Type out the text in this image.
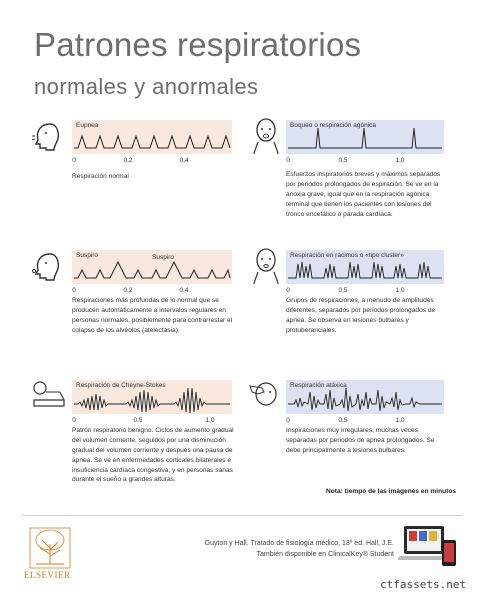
Patrones respiratorios
normales y anormales
Eupnea
0	0,2	0,4
Respiración normal
Boqueo o respiración agónica
0	0,5	1,0
Esfuerzos inspiratorios breves y máximos separados por periodos prolongados de espiración. Se ve en la anoxia grave, igual que en la respiración agónica terminal que tienen los pacientes con lesiones del tronco encefálico o parada cardíaca.
Suspiro	Suspiro
0	0,2	0,4
Respiraciones más profundas de lo normal que se producen automáticamente a intervalos regulares en personas normales, posiblemente para contrarrestar el colapso de los alvéolos (atelectasia).
Respiración en racimos o «tipo cluster»
0	0,5	1,0
Grupos de respiraciones, a menudo de amplitudes diferentes, separados por periodos prolongados de apnea. Se observa en lesiones bulbares y protuberanciales.
Respiración de Cheyne-Stokes
0	0,5	1,0
Patrón respiratorio benigno. Ciclos de aumento gradual del volumen corriente, seguidos por una disminución gradual del volumen corriente y después una pausa de apnea. Se ve en enfermedades corticales bilaterales e insuficiencia cardíaca congestiva, y en personas sanas durante el sueño a grandes alturas.
Respiración atáxica
0	0,5	1,0
Inspiraciones muy irregulares, muchas veces separadas por periodos de apnea prolongados. Se debe principalmente a lesiones bulbares.
Nota: tiempo de las imágenes en minutos
ELSEVIER
Guyton y Hall. Tratado de fisiología médico, 13º ed. Hall, J.E.
También disponible en ClinicalKey® Student
ctfassets.net
